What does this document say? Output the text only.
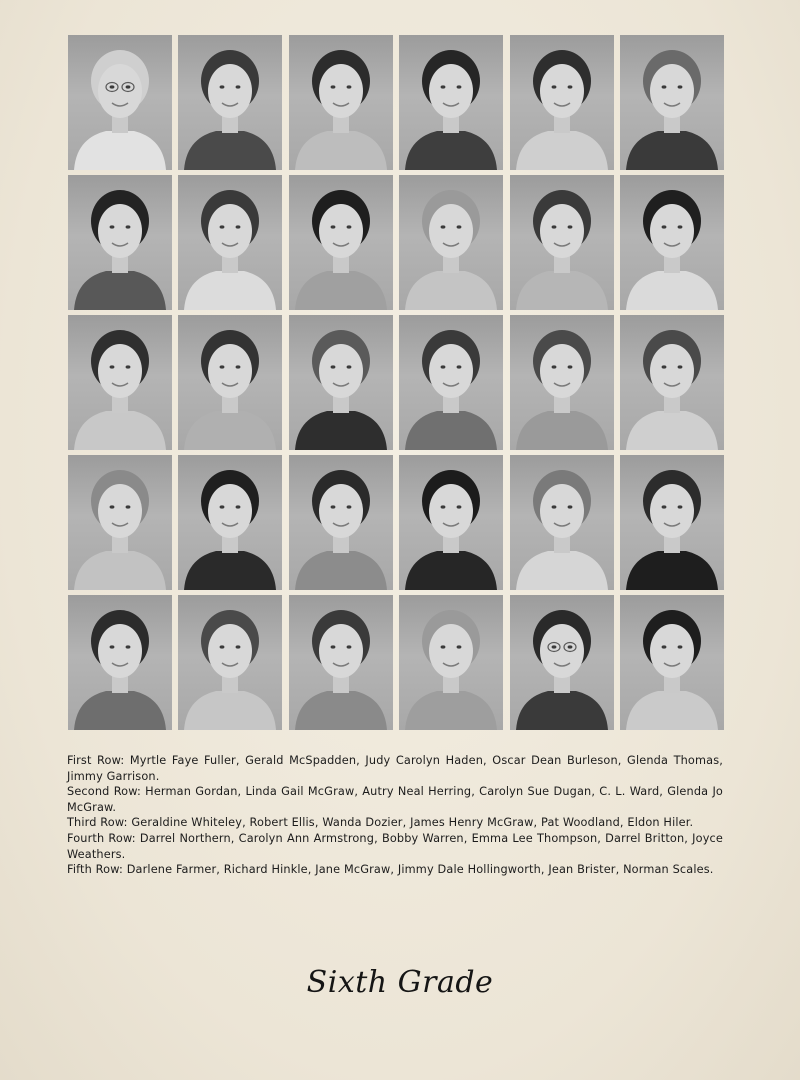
First Row: Myrtle Faye Fuller, Gerald McSpadden, Judy Carolyn Haden, Oscar Dean Burleson, Glenda Thomas, Jimmy Garrison.

Second Row: Herman Gordan, Linda Gail McGraw, Autry Neal Herring, Carolyn Sue Dugan, C. L. Ward, Glenda Jo McGraw.

Third Row: Geraldine Whiteley, Robert Ellis, Wanda Dozier, James Henry McGraw, Pat Woodland, Eldon Hiler.

Fourth Row: Darrel Northern, Carolyn Ann Armstrong, Bobby Warren, Emma Lee Thompson, Darrel Britton, Joyce Weathers.

Fifth Row: Darlene Farmer, Richard Hinkle, Jane McGraw, Jimmy Dale Hollingworth, Jean Brister, Norman Scales.

Sixth Grade
